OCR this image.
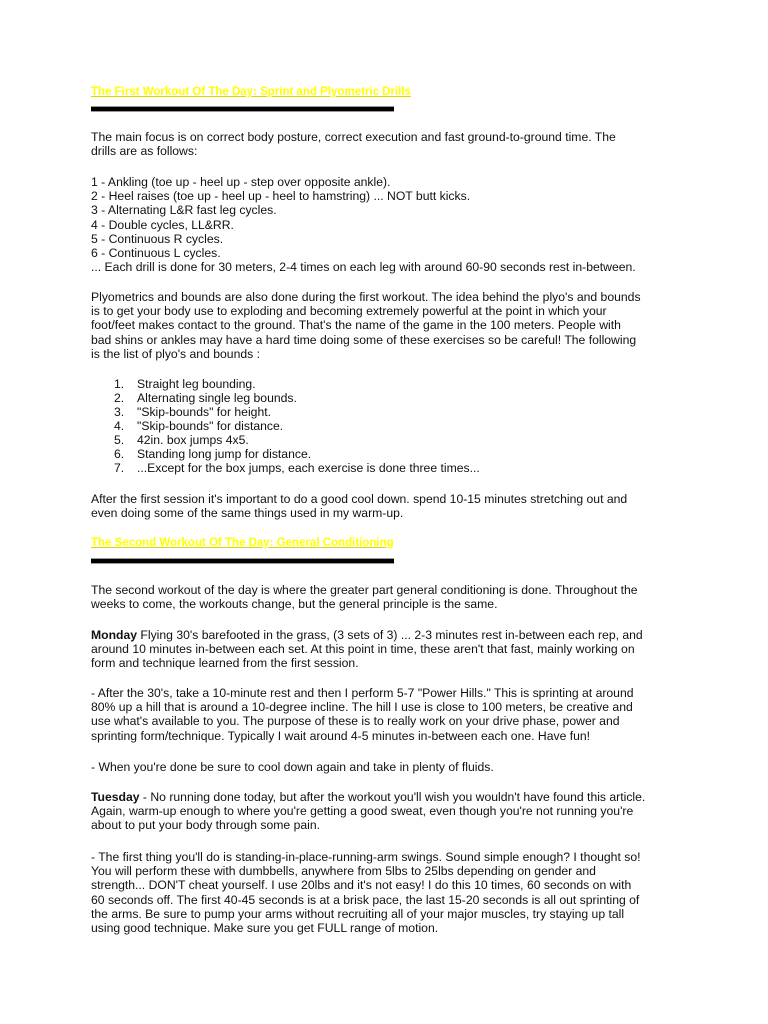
The First Workout Of The Day: Sprint and Plyometric Drills
The main focus is on correct body posture, correct execution and fast ground-to-ground time. The
drills are as follows:
1 - Ankling (toe up - heel up - step over opposite ankle).
2 - Heel raises (toe up - heel up - heel to hamstring) ... NOT butt kicks.
3 - Alternating L&R fast leg cycles.
4 - Double cycles, LL&RR.
5 - Continuous R cycles.
6 - Continuous L cycles.
... Each drill is done for 30 meters, 2-4 times on each leg with around 60-90 seconds rest in-between.
Plyometrics and bounds are also done during the first workout. The idea behind the plyo's and bounds
is to get your body use to exploding and becoming extremely powerful at the point in which your
foot/feet makes contact to the ground. That's the name of the game in the 100 meters. People with
bad shins or ankles may have a hard time doing some of these exercises so be careful! The following
is the list of plyo's and bounds :
1. Straight leg bounding.
2. Alternating single leg bounds.
3. "Skip-bounds" for height.
4. "Skip-bounds" for distance.
5. 42in. box jumps 4x5.
6. Standing long jump for distance.
7. ...Except for the box jumps, each exercise is done three times...
After the first session it's important to do a good cool down. spend 10-15 minutes stretching out and
even doing some of the same things used in my warm-up.
The Second Workout Of The Day: General Conditioning
The second workout of the day is where the greater part general conditioning is done. Throughout the
weeks to come, the workouts change, but the general principle is the same.
Monday Flying 30's barefooted in the grass, (3 sets of 3) ... 2-3 minutes rest in-between each rep, and
around 10 minutes in-between each set. At this point in time, these aren't that fast, mainly working on
form and technique learned from the first session.
- After the 30's, take a 10-minute rest and then I perform 5-7 "Power Hills." This is sprinting at around
80% up a hill that is around a 10-degree incline. The hill I use is close to 100 meters, be creative and
use what's available to you. The purpose of these is to really work on your drive phase, power and
sprinting form/technique. Typically I wait around 4-5 minutes in-between each one. Have fun!
- When you're done be sure to cool down again and take in plenty of fluids.
Tuesday - No running done today, but after the workout you'll wish you wouldn't have found this article.
Again, warm-up enough to where you're getting a good sweat, even though you're not running you're
about to put your body through some pain.
- The first thing you'll do is standing-in-place-running-arm swings. Sound simple enough? I thought so!
You will perform these with dumbbells, anywhere from 5lbs to 25lbs depending on gender and
strength... DON'T cheat yourself. I use 20lbs and it's not easy! I do this 10 times, 60 seconds on with
60 seconds off. The first 40-45 seconds is at a brisk pace, the last 15-20 seconds is all out sprinting of
the arms. Be sure to pump your arms without recruiting all of your major muscles, try staying up tall
using good technique. Make sure you get FULL range of motion.
